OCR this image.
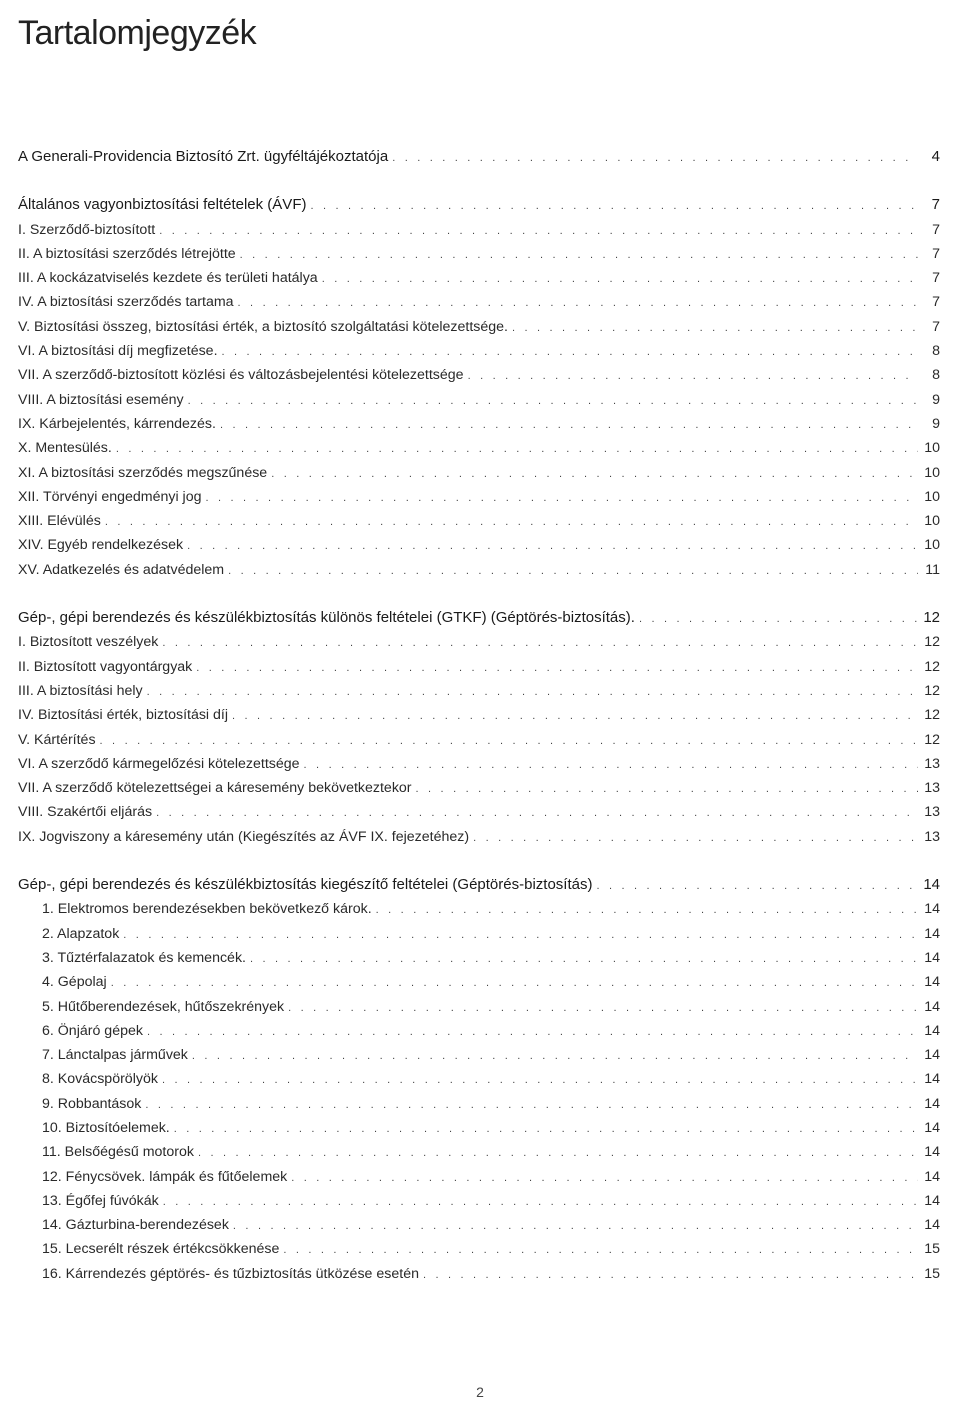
Tartalomjegyzék
A Generali-Providencia Biztosító Zrt. ügyféltájékoztatója . . .	4
Általános vagyonbiztosítási feltételek (ÁVF) . . .	7
I. Szerződő-biztosított . . .	7
II. A biztosítási szerződés létrejötte . . .	7
III. A kockázatviselés kezdete és területi hatálya . . .	7
IV. A biztosítási szerződés tartama . . .	7
V. Biztosítási összeg, biztosítási érték, a biztosító szolgáltatási kötelezettsége. . . .	7
VI. A biztosítási díj megfizetése. . . .	8
VII. A szerződő-biztosított közlési és változásbejelentési kötelezettsége . . .	8
VIII. A biztosítási esemény . . .	9
IX. Kárbejelentés, kárrendezés. . . .	9
X. Mentesülés. . . .	10
XI. A biztosítási szerződés megszűnése . . .	10
XII. Törvényi engedményi jog . . .	10
XIII. Elévülés . . .	10
XIV. Egyéb rendelkezések . . .	10
XV. Adatkezelés és adatvédelem . . .	11
Gép-, gépi berendezés és készülékbiztosítás különös feltételei (GTKF) (Géptörés-biztosítás). . . .	12
I. Biztosított veszélyek . . .	12
II. Biztosított vagyontárgyak . . .	12
III. A biztosítási hely . . .	12
IV. Biztosítási érték, biztosítási díj . . .	12
V. Kártérítés . . .	12
VI. A szerződő kármegelőzési kötelezettsége . . .	13
VII. A szerződő kötelezettségei a káresemény bekövetkeztekor . . .	13
VIII. Szakértői eljárás . . .	13
IX. Jogviszony a káresemény után (Kiegészítés az ÁVF IX. fejezetéhez) . . .	13
Gép-, gépi berendezés és készülékbiztosítás kiegészítő feltételei (Géptörés-biztosítás) . . .	14
1. Elektromos berendezésekben bekövetkező károk. . . .	14
2. Alapzatok . . .	14
3. Tűztérfalazatok és kemencék. . . .	14
4. Gépolaj . . .	14
5. Hűtőberendezések, hűtőszekrények . . .	14
6. Önjáró gépek . . .	14
7. Lánctalpas járművek . . .	14
8. Kovácspörölyök . . .	14
9. Robbantások . . .	14
10. Biztosítóelemek. . . .	14
11. Belsőégésű motorok . . .	14
12. Fénycsövek. lámpák és fűtőelemek . . .	14
13. Égőfej fúvókák . . .	14
14. Gázturbina-berendezések . . .	14
15. Lecserélt részek értékcsökkenése . . .	15
16. Kárrendezés géptörés- és tűzbiztosítás ütközése esetén . . .	15
2
